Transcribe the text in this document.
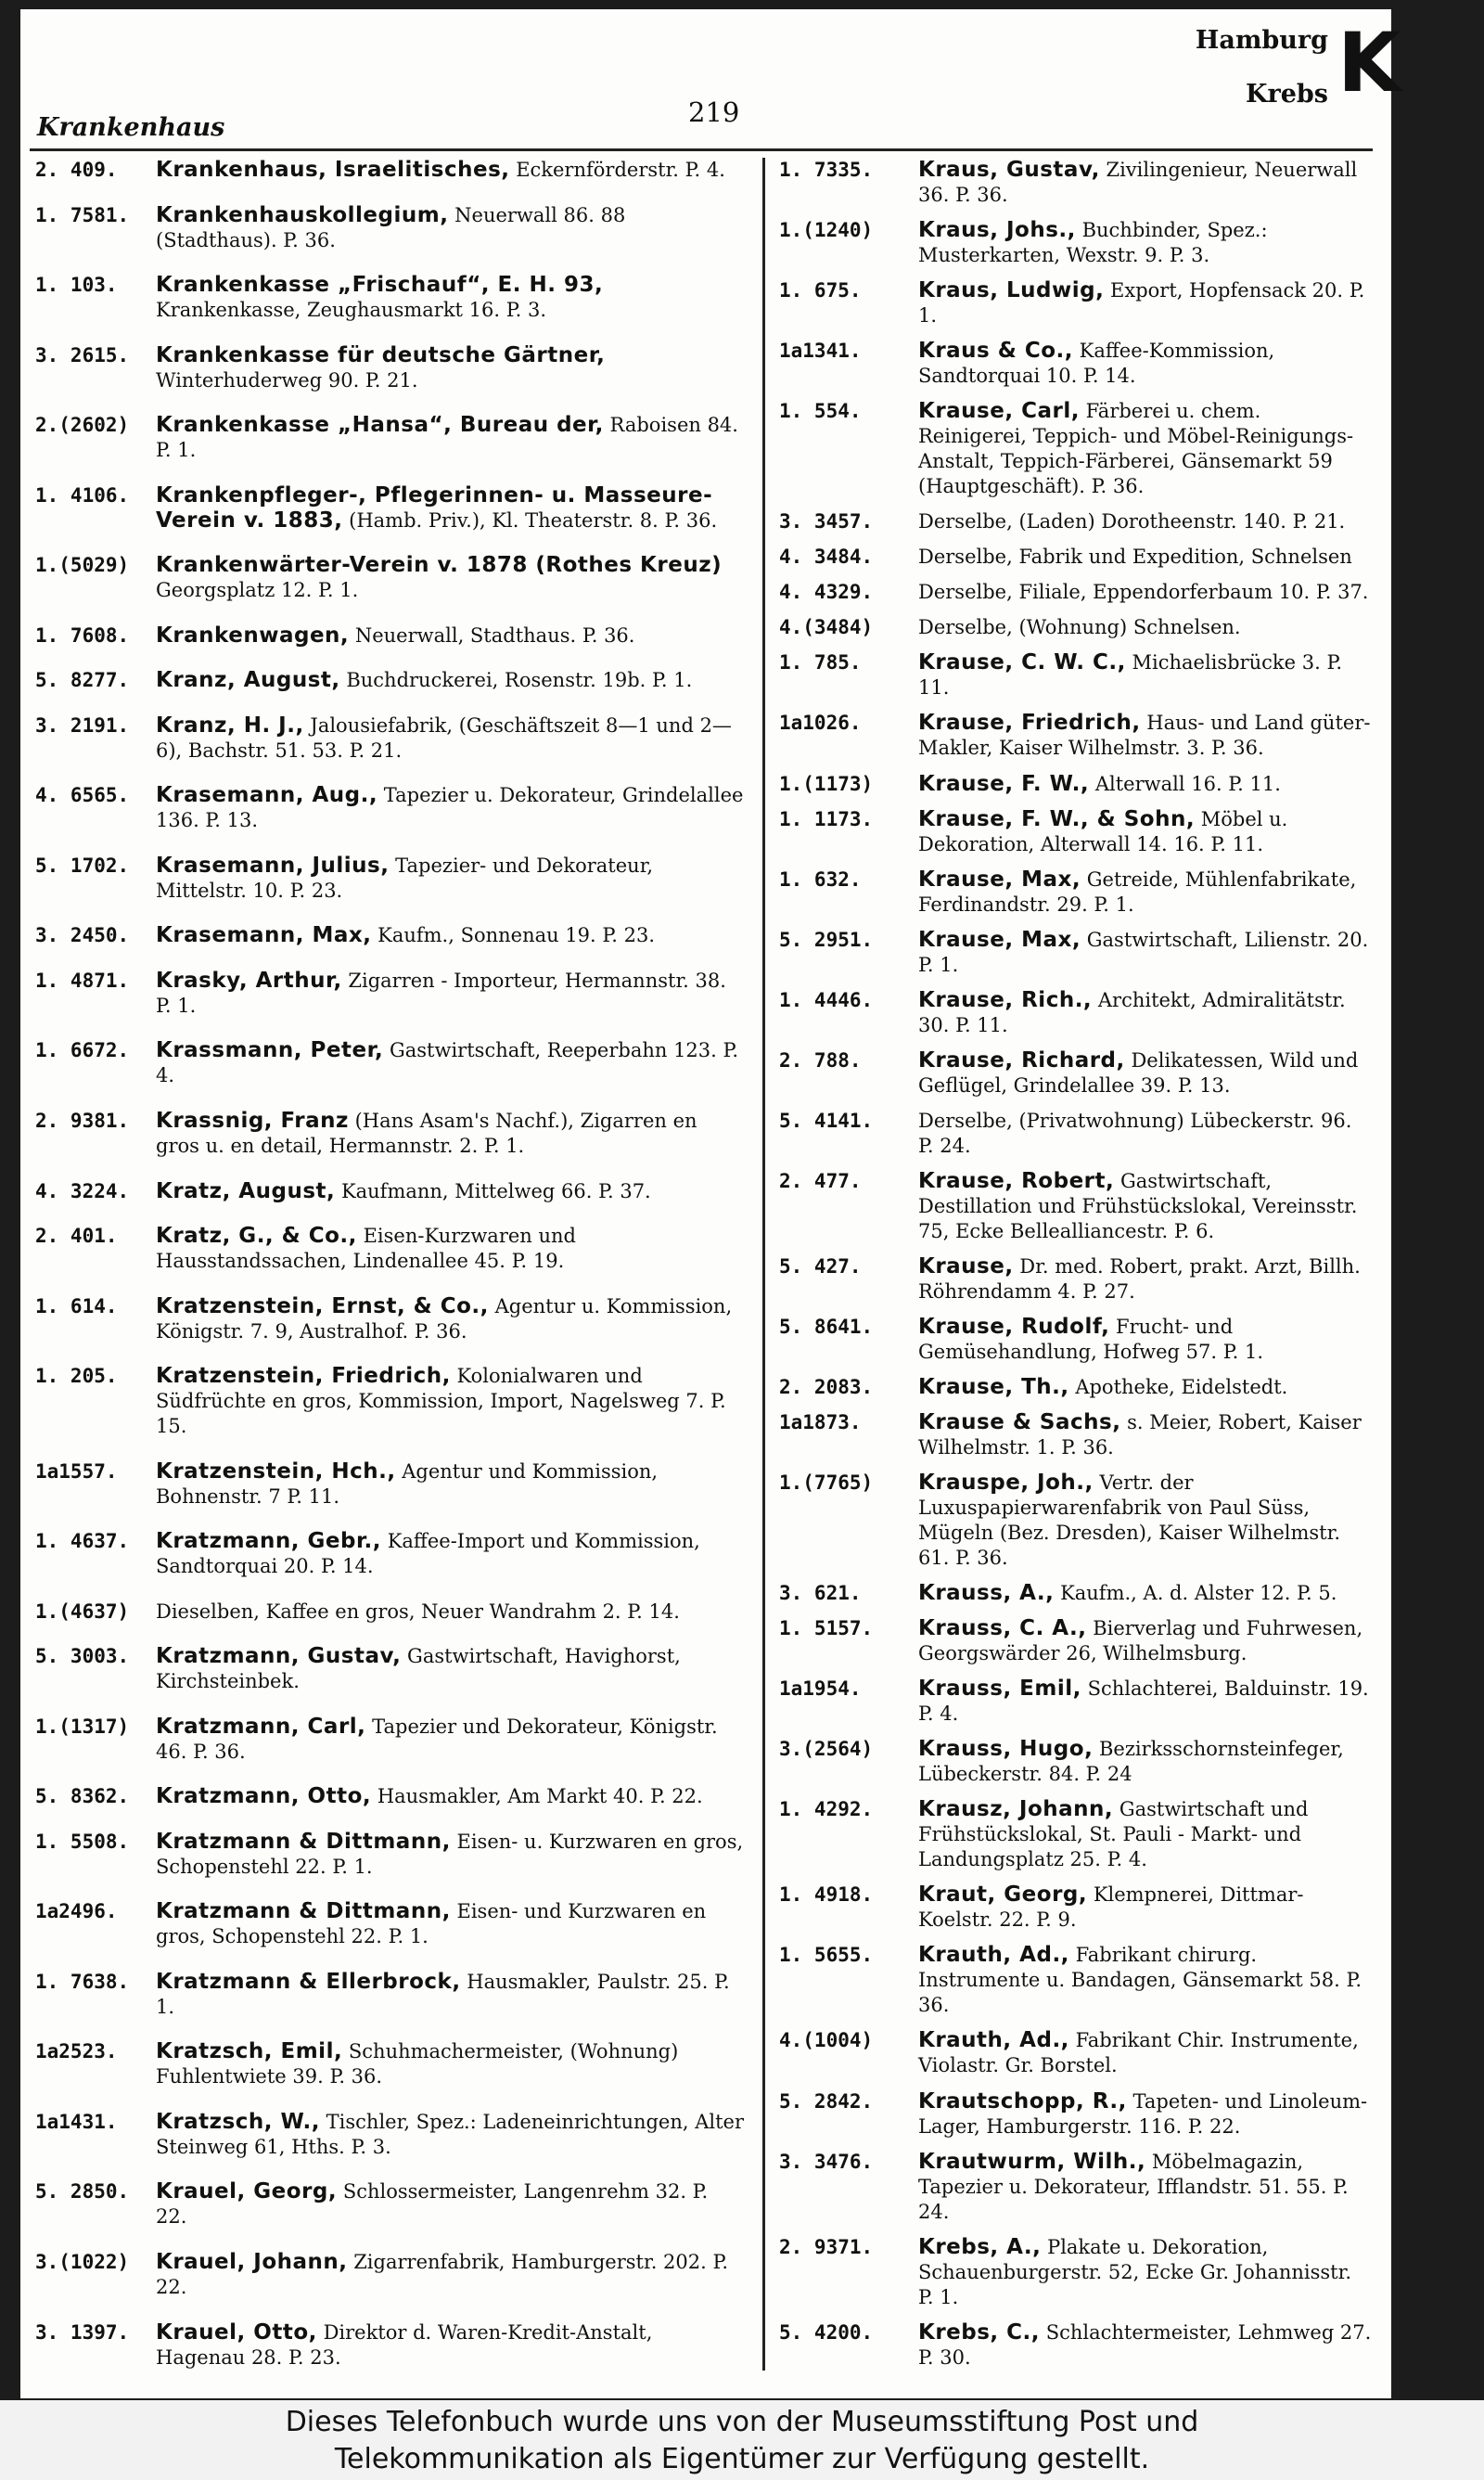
Krankenhaus	219
Hamburg
Krebs K
2. 409.	Krankenhaus, Israelitisches, Eckernförderstr. P. 4.
1. 7581.	Krankenhauskollegium, Neuerwall 86. 88 (Stadthaus). P. 36.
1. 103.	Krankenkasse „Frischauf“, E. H. 93,Krankenkasse, Zeughausmarkt 16. P. 3.
3. 2615.	Krankenkasse für deutsche Gärtner,Winterhuderweg 90. P. 21.
2.(2602)	Krankenkasse „Hansa“, Bureau der, Raboisen 84. P. 1.
1. 4106.	Krankenpfleger-, Pflegerinnen- u. Masseure-Verein v. 1883, (Hamb. Priv.), Kl. Theaterstr. 8. P. 36.
1.(5029)	Krankenwärter-Verein v. 1878 (Rothes Kreuz)Georgsplatz 12. P. 1.
1. 7608.	Krankenwagen, Neuerwall, Stadthaus. P. 36.
5. 8277.	Kranz, August, Buchdruckerei, Rosenstr. 19b. P. 1.
3. 2191.	Kranz, H. J., Jalousiefabrik, (Geschäftszeit 8—1 und 2—6), Bachstr. 51. 53. P. 21.
4. 6565.	Krasemann, Aug., Tapezier u. Dekorateur, Grindelallee 136. P. 13.
5. 1702.	Krasemann, Julius, Tapezier- und Dekorateur, Mittelstr. 10. P. 23.
3. 2450.	Krasemann, Max, Kaufm., Sonnenau 19. P. 23.
1. 4871.	Krasky, Arthur, Zigarren - Importeur, Hermannstr. 38. P. 1.
1. 6672.	Krassmann, Peter, Gastwirtschaft, Reeperbahn 123. P. 4.
2. 9381.	Krassnig, Franz (Hans Asam's Nachf.), Zigarren en gros u. en detail, Hermannstr. 2. P. 1.
4. 3224.	Kratz, August, Kaufmann, Mittelweg 66. P. 37.
2. 401.	Kratz, G., & Co., Eisen-Kurzwaren und Hausstandssachen, Lindenallee 45. P. 19.
1. 614.	Kratzenstein, Ernst, & Co., Agentur u. Kommission, Königstr. 7. 9, Australhof. P. 36.
1. 205.	Kratzenstein, Friedrich, Kolonialwaren und Südfrüchte en gros, Kommission, Import, Nagelsweg 7. P. 15.
1a1557.	Kratzenstein, Hch., Agentur und Kommission, Bohnenstr. 7 P. 11.
1. 4637.	Kratzmann, Gebr., Kaffee-Import und Kommission, Sandtorquai 20. P. 14.
1.(4637)	Dieselben, Kaffee en gros, Neuer Wandrahm 2. P. 14.
5. 3003.	Kratzmann, Gustav, Gastwirtschaft, Havighorst, Kirchsteinbek.
1.(1317)	Kratzmann, Carl, Tapezier und Dekorateur, Königstr. 46. P. 36.
5. 8362.	Kratzmann, Otto, Hausmakler, Am Markt 40. P. 22.
1. 5508.	Kratzmann & Dittmann, Eisen- u. Kurzwaren en gros, Schopenstehl 22. P. 1.
1a2496.	Kratzmann & Dittmann, Eisen- und Kurzwaren en gros, Schopenstehl 22. P. 1.
1. 7638.	Kratzmann & Ellerbrock, Hausmakler, Paulstr. 25. P. 1.
1a2523.	Kratzsch, Emil, Schuhmachermeister, (Wohnung) Fuhlentwiete 39. P. 36.
1a1431.	Kratzsch, W., Tischler, Spez.: Ladeneinrichtungen, Alter Steinweg 61, Hths. P. 3.
5. 2850.	Krauel, Georg, Schlossermeister, Langenrehm 32. P. 22.
3.(1022)	Krauel, Johann, Zigarrenfabrik, Hamburgerstr. 202. P. 22.
3. 1397.	Krauel, Otto, Direktor d. Waren-Kredit-Anstalt, Hagenau 28. P. 23.
1. 7335.	Kraus, Gustav, Zivilingenieur, Neuerwall 36. P. 36.
1.(1240)	Kraus, Johs., Buchbinder, Spez.: Musterkarten, Wexstr. 9. P. 3.
1. 675.	Kraus, Ludwig, Export, Hopfensack 20. P. 1.
1a1341.	Kraus & Co., Kaffee-Kommission, Sandtorquai 10. P. 14.
1. 554.	Krause, Carl, Färberei u. chem. Reinigerei, Teppich- und Möbel-Reinigungs-Anstalt, Teppich-Färberei, Gänsemarkt 59 (Hauptgeschäft). P. 36.
3. 3457.	Derselbe, (Laden) Dorotheenstr. 140. P. 21.
4. 3484.	Derselbe, Fabrik und Expedition, Schnelsen
4. 4329.	Derselbe, Filiale, Eppendorferbaum 10. P. 37.
4.(3484)	Derselbe, (Wohnung) Schnelsen.
1. 785.	Krause, C. W. C., Michaelisbrücke 3. P. 11.
1a1026.	Krause, Friedrich, Haus- und Land güter-Makler, Kaiser Wilhelmstr. 3. P. 36.
1.(1173)	Krause, F. W., Alterwall 16. P. 11.
1. 1173.	Krause, F. W., & Sohn, Möbel u. Dekoration, Alterwall 14. 16. P. 11.
1. 632.	Krause, Max, Getreide, Mühlenfabrikate, Ferdinandstr. 29. P. 1.
5. 2951.	Krause, Max, Gastwirtschaft, Lilienstr. 20. P. 1.
1. 4446.	Krause, Rich., Architekt, Admiralitätstr. 30. P. 11.
2. 788.	Krause, Richard, Delikatessen, Wild und Geflügel, Grindelallee 39. P. 13.
5. 4141.	Derselbe, (Privatwohnung) Lübeckerstr. 96. P. 24.
2. 477.	Krause, Robert, Gastwirtschaft, Destillation und Frühstückslokal, Vereinsstr. 75, Ecke Bellealliancestr. P. 6.
5. 427.	Krause, Dr. med. Robert, prakt. Arzt, Billh. Röhrendamm 4. P. 27.
5. 8641.	Krause, Rudolf, Frucht- und Gemüsehandlung, Hofweg 57. P. 1.
2. 2083.	Krause, Th., Apotheke, Eidelstedt.
1a1873.	Krause & Sachs, s. Meier, Robert, Kaiser Wilhelmstr. 1. P. 36.
1.(7765)	Krauspe, Joh., Vertr. der Luxuspapierwarenfabrik von Paul Süss, Mügeln (Bez. Dresden), Kaiser Wilhelmstr. 61. P. 36.
3. 621.	Krauss, A., Kaufm., A. d. Alster 12. P. 5.
1. 5157.	Krauss, C. A., Bierverlag und Fuhrwesen, Georgswärder 26, Wilhelmsburg.
1a1954.	Krauss, Emil, Schlachterei, Balduinstr. 19. P. 4.
3.(2564)	Krauss, Hugo, Bezirksschornsteinfeger, Lübeckerstr. 84. P. 24
1. 4292.	Krausz, Johann, Gastwirtschaft und Frühstückslokal, St. Pauli - Markt- und Landungsplatz 25. P. 4.
1. 4918.	Kraut, Georg, Klempnerei, Dittmar-Koelstr. 22. P. 9.
1. 5655.	Krauth, Ad., Fabrikant chirurg. Instrumente u. Bandagen, Gänsemarkt 58. P. 36.
4.(1004)	Krauth, Ad., Fabrikant Chir. Instrumente, Violastr. Gr. Borstel.
5. 2842.	Krautschopp, R., Tapeten- und Linoleum-Lager, Hamburgerstr. 116. P. 22.
3. 3476.	Krautwurm, Wilh., Möbelmagazin, Tapezier u. Dekorateur, Ifflandstr. 51. 55. P. 24.
2. 9371.	Krebs, A., Plakate u. Dekoration, Schauenburgerstr. 52, Ecke Gr. Johannisstr. P. 1.
5. 4200.	Krebs, C., Schlachtermeister, Lehmweg 27. P. 30.
Dieses Telefonbuch wurde uns von der Museumsstiftung Post und
Telekommunikation als Eigentümer zur Verfügung gestellt.
